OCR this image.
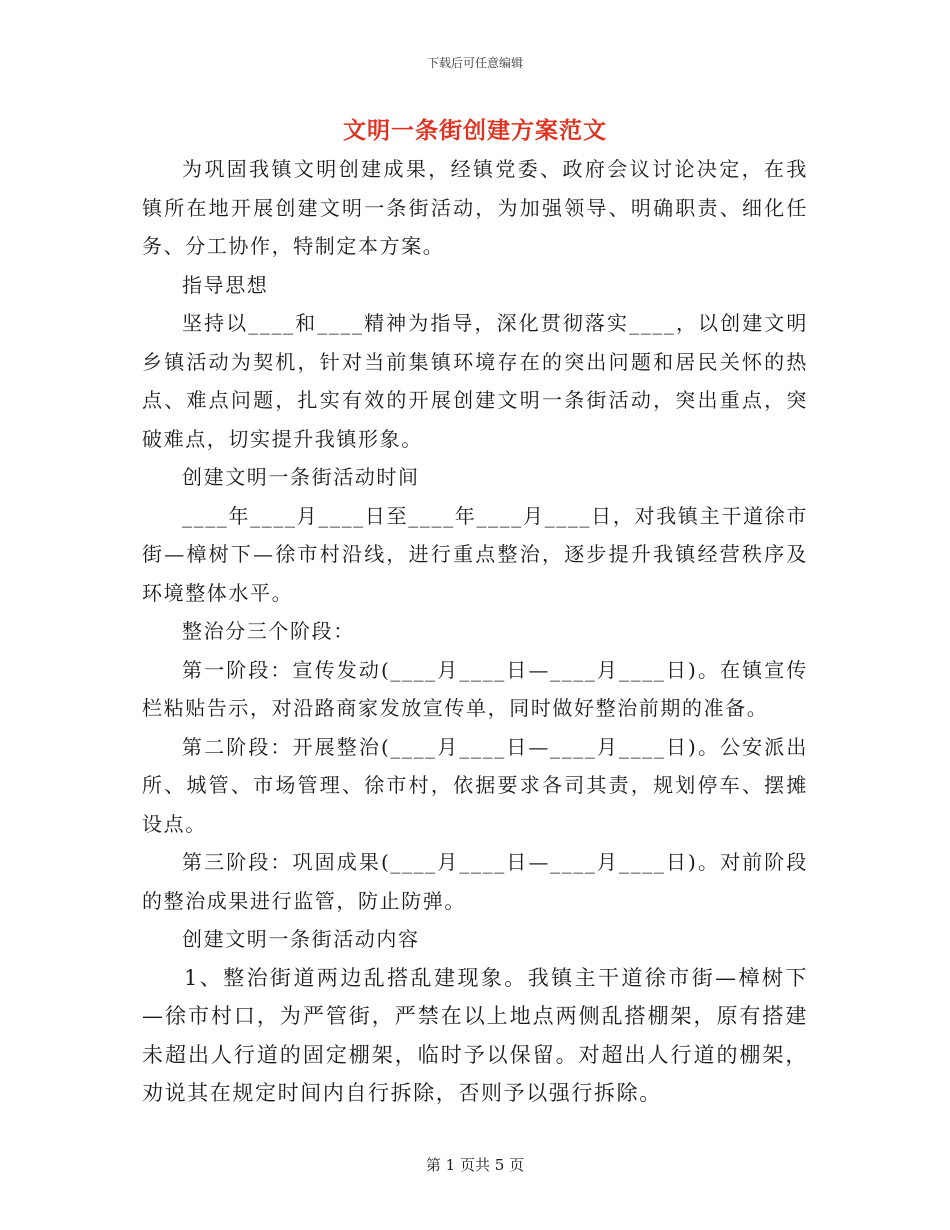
下载后可任意编辑
文明一条街创建方案范文

为巩固我镇文明创建成果，经镇党委、政府会议讨论决定，在我镇所在地开展创建文明一条街活动，为加强领导、明确职责、细化任务、分工协作，特制定本方案。

指导思想

坚持以____和____精神为指导，深化贯彻落实____，以创建文明乡镇活动为契机，针对当前集镇环境存在的突出问题和居民关怀的热点、难点问题，扎实有效的开展创建文明一条街活动，突出重点，突破难点，切实提升我镇形象。

创建文明一条街活动时间

____年____月____日至____年____月____日，对我镇主干道徐市街—樟树下—徐市村沿线，进行重点整治，逐步提升我镇经营秩序及环境整体水平。

整治分三个阶段：

第一阶段：宣传发动(____月____日—____月____日)。在镇宣传栏粘贴告示，对沿路商家发放宣传单，同时做好整治前期的准备。

第二阶段：开展整治(____月____日—____月____日)。公安派出所、城管、市场管理、徐市村，依据要求各司其责，规划停车、摆摊设点。

第三阶段：巩固成果(____月____日—____月____日)。对前阶段的整治成果进行监管，防止防弹。

创建文明一条街活动内容

1、整治街道两边乱搭乱建现象。我镇主干道徐市街—樟树下—徐市村口，为严管街，严禁在以上地点两侧乱搭棚架，原有搭建未超出人行道的固定棚架，临时予以保留。对超出人行道的棚架，劝说其在规定时间内自行拆除，否则予以强行拆除。

第 1 页共 5 页
